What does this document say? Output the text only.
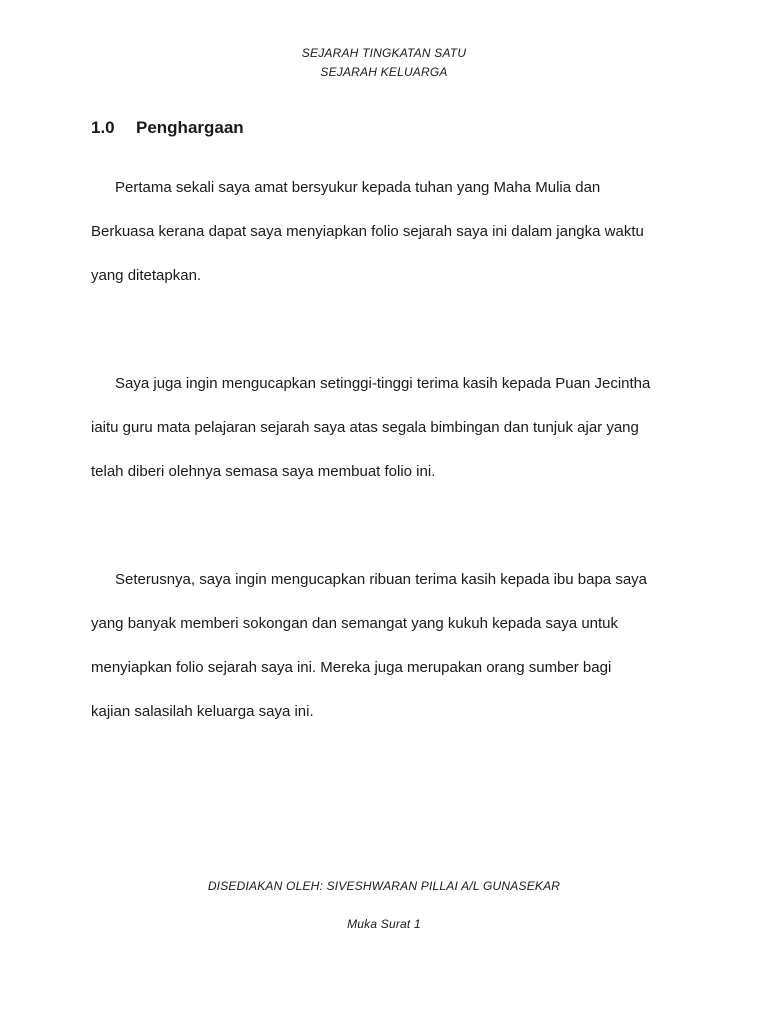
SEJARAH TINGKATAN SATU
SEJARAH KELUARGA
1.0 Penghargaan
Pertama sekali saya amat bersyukur kepada tuhan yang Maha Mulia dan
Berkuasa kerana dapat saya menyiapkan folio sejarah saya ini dalam jangka waktu
yang ditetapkan.
Saya juga ingin mengucapkan setinggi-tinggi terima kasih kepada Puan Jecintha
iaitu guru mata pelajaran sejarah saya atas segala bimbingan dan tunjuk ajar yang
telah diberi olehnya semasa saya membuat folio ini.
Seterusnya, saya ingin mengucapkan ribuan terima kasih kepada ibu bapa saya
yang banyak memberi sokongan dan semangat yang kukuh kepada saya untuk
menyiapkan folio sejarah saya ini. Mereka juga merupakan orang sumber bagi
kajian salasilah keluarga saya ini.
DISEDIAKAN OLEH: SIVESHWARAN PILLAI A/L GUNASEKAR
Muka Surat 1
